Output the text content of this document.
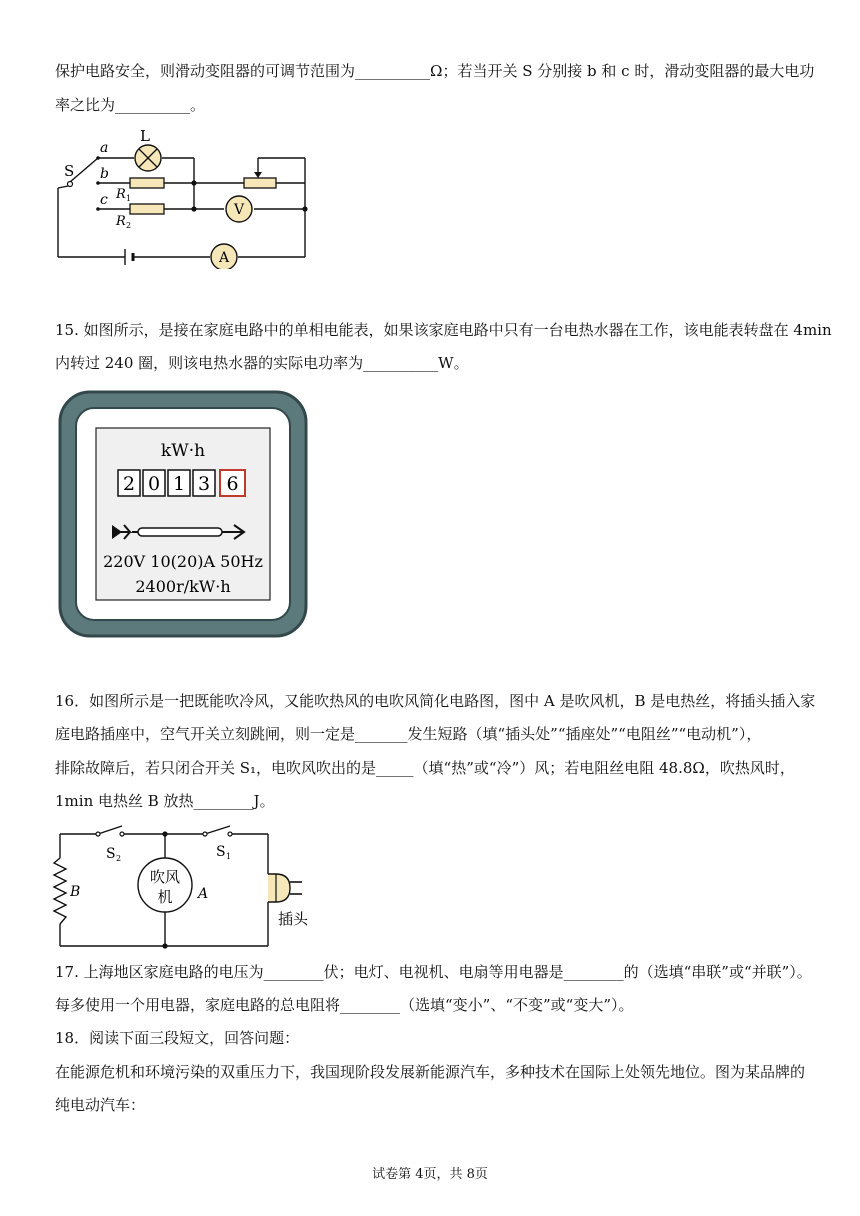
保护电路安全，则滑动变阻器的可调节范围为__________Ω；若当开关 S 分别接 b 和 c 时，滑动变阻器的最大电功
率之比为__________。
V
A
S
a
b
c
L
R 1
R 2
15. 如图所示，是接在家庭电路中的单相电能表，如果该家庭电路中只有一台电热水器在工作，该电能表转盘在 4min
内转过 240 圈，则该电热水器的实际电功率为__________W。
kW·h
2 0 1 3 6
220V 10(20)A 50Hz
2400r/kW·h
16．如图所示是一把既能吹冷风，又能吹热风的电吹风简化电路图，图中 A 是吹风机，B 是电热丝，将插头插入家
庭电路插座中，空气开关立刻跳闸，则一定是_______发生短路（填“插头处”“插座处”“电阻丝”“电动机”），
排除故障后，若只闭合开关 S₁，电吹风吹出的是_____（填“热”或“冷”）风；若电阻丝电阻 48.8Ω，吹热风时，
1min 电热丝 B 放热________J。
吹风
机
S 2	S 1
B	A
插头
17. 上海地区家庭电路的电压为________伏；电灯、电视机、电扇等用电器是________的（选填“串联”或“并联”）。
每多使用一个用电器，家庭电路的总电阻将________（选填“变小”、“不变”或“变大”）。
18．阅读下面三段短文，回答问题：
在能源危机和环境污染的双重压力下，我国现阶段发展新能源汽车，多种技术在国际上处领先地位。图为某品牌的
纯电动汽车：
试卷第 4页，共 8页
